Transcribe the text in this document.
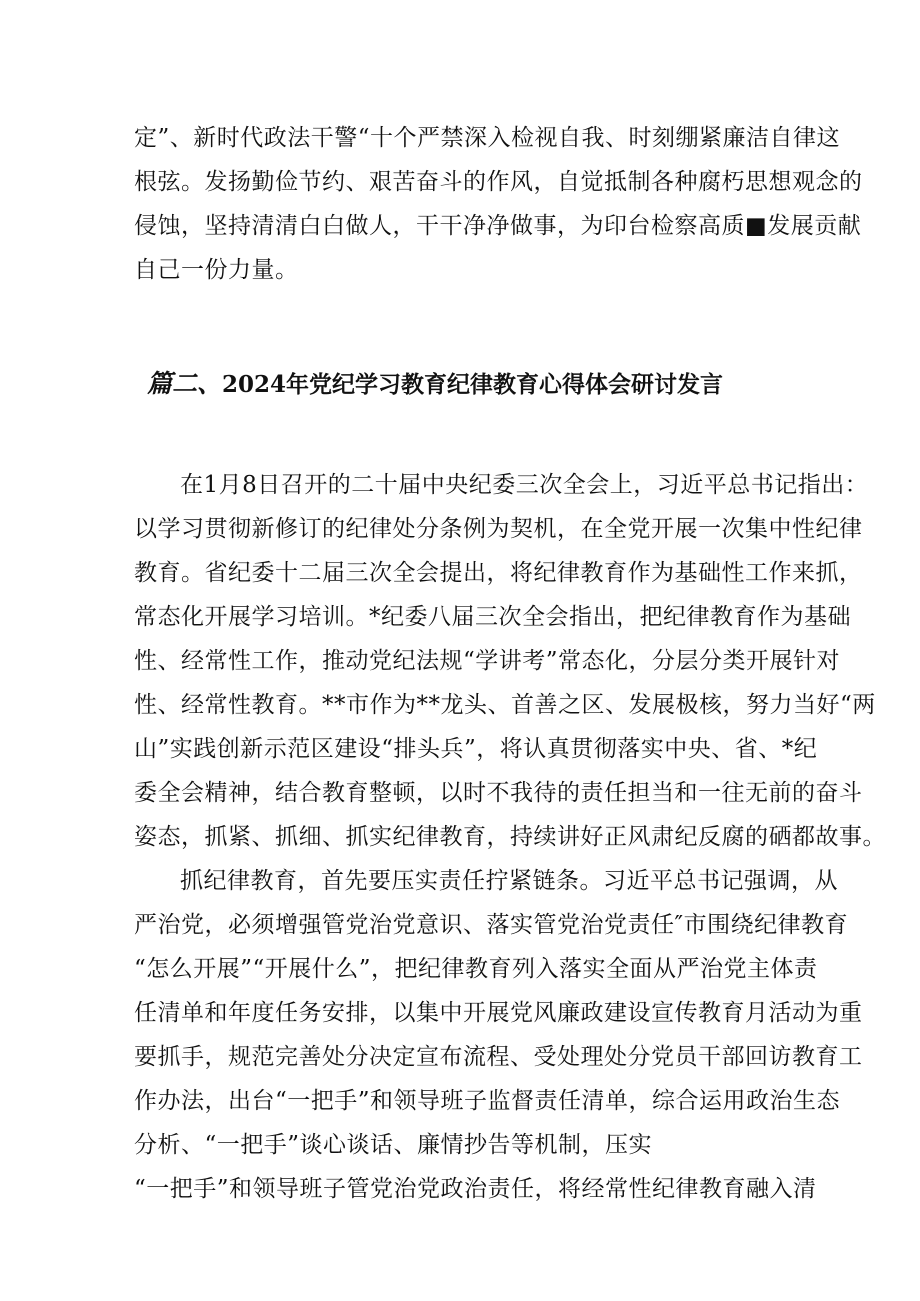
定”、新时代政法干警“十个严禁深入检视自我、时刻绷紧廉洁自律这
根弦。发扬勤俭节约、艰苦奋斗的作风，自觉抵制各种腐朽思想观念的
侵蚀，坚持清清白白做人，干干净净做事，为印台检察高质■发展贡献
自己一份力量。
篇二、2024年党纪学习教育纪律教育心得体会研讨发言
在1月8日召开的二十届中央纪委三次全会上，习近平总书记指出：
以学习贯彻新修订的纪律处分条例为契机，在全党开展一次集中性纪律
教育。省纪委十二届三次全会提出，将纪律教育作为基础性工作来抓，
常态化开展学习培训。*纪委八届三次全会指出，把纪律教育作为基础
性、经常性工作，推动党纪法规“学讲考”常态化，分层分类开展针对
性、经常性教育。**市作为**龙头、首善之区、发展极核，努力当好“两
山”实践创新示范区建设“排头兵”，将认真贯彻落实中央、省、*纪
委全会精神，结合教育整顿，以时不我待的责任担当和一往无前的奋斗
姿态，抓紧、抓细、抓实纪律教育，持续讲好正风肃纪反腐的硒都故事。
抓纪律教育，首先要压实责任拧紧链条。习近平总书记强调，从
严治党，必须增强管党治党意识、落实管党治党责任″市围绕纪律教育
“怎么开展”“开展什么”，把纪律教育列入落实全面从严治党主体责
任清单和年度任务安排，以集中开展党风廉政建设宣传教育月活动为重
要抓手，规范完善处分决定宣布流程、受处理处分党员干部回访教育工
作办法，出台“一把手”和领导班子监督责任清单，综合运用政治生态
分析、“一把手”谈心谈话、廉情抄告等机制，压实
“一把手”和领导班子管党治党政治责任，将经常性纪律教育融入清
